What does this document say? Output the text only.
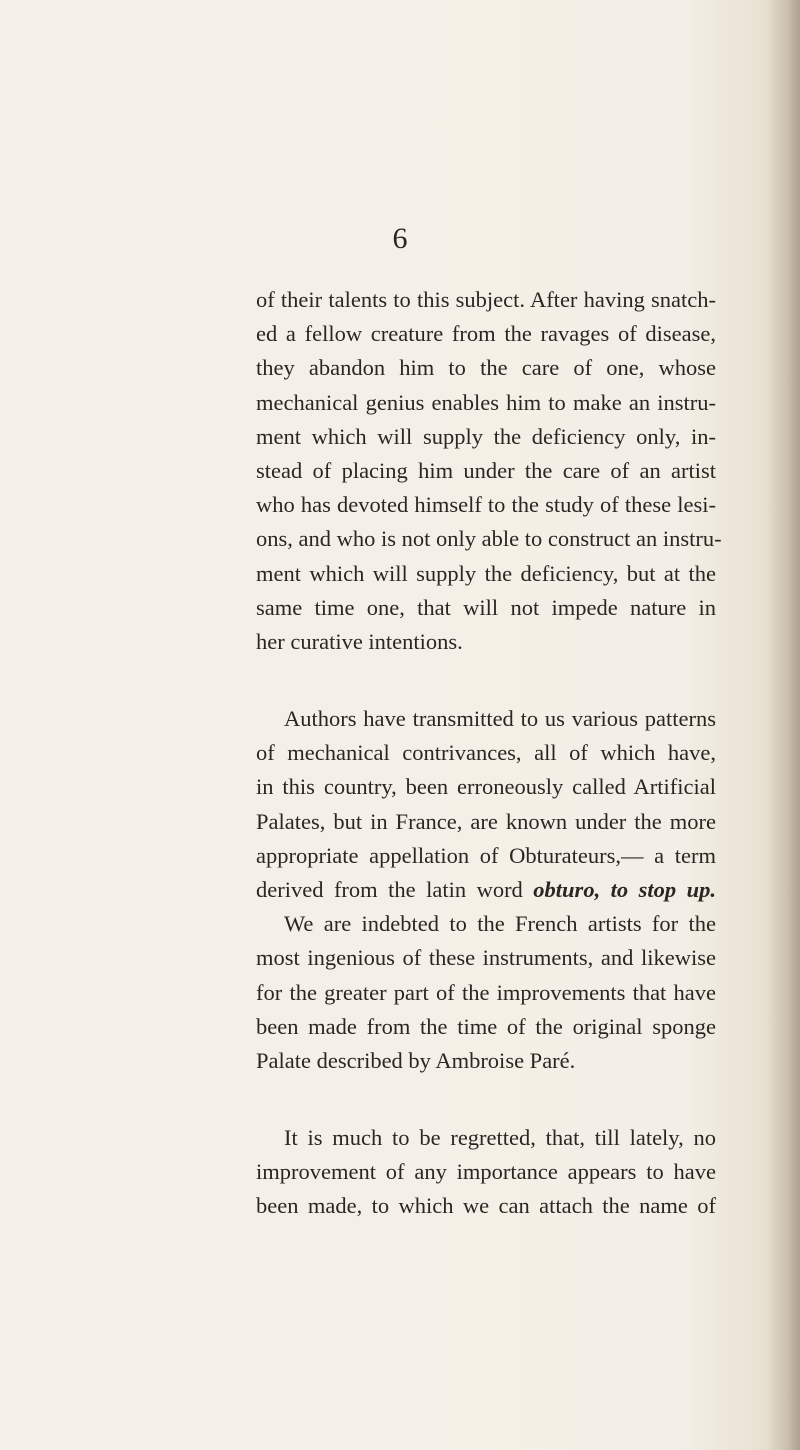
6
of their talents to this subject. After having snatch-
ed a fellow creature from the ravages of disease,
they abandon him to the care of one, whose
mechanical genius enables him to make an instru-
ment which will supply the deficiency only, in-
stead of placing him under the care of an artist
who has devoted himself to the study of these lesi-
ons, and who is not only able to construct an instru-
ment which will supply the deficiency, but at the
same time one, that will not impede nature in
her curative intentions.
Authors have transmitted to us various patterns
of mechanical contrivances, all of which have,
in this country, been erroneously called Artificial
Palates, but in France, are known under the more
appropriate appellation of Obturateurs,— a term
derived from the latin word obturo, to stop up.
We are indebted to the French artists for the
most ingenious of these instruments, and likewise
for the greater part of the improvements that have
been made from the time of the original sponge
Palate described by Ambroise Paré.
It is much to be regretted, that, till lately, no
improvement of any importance appears to have
been made, to which we can attach the name of
